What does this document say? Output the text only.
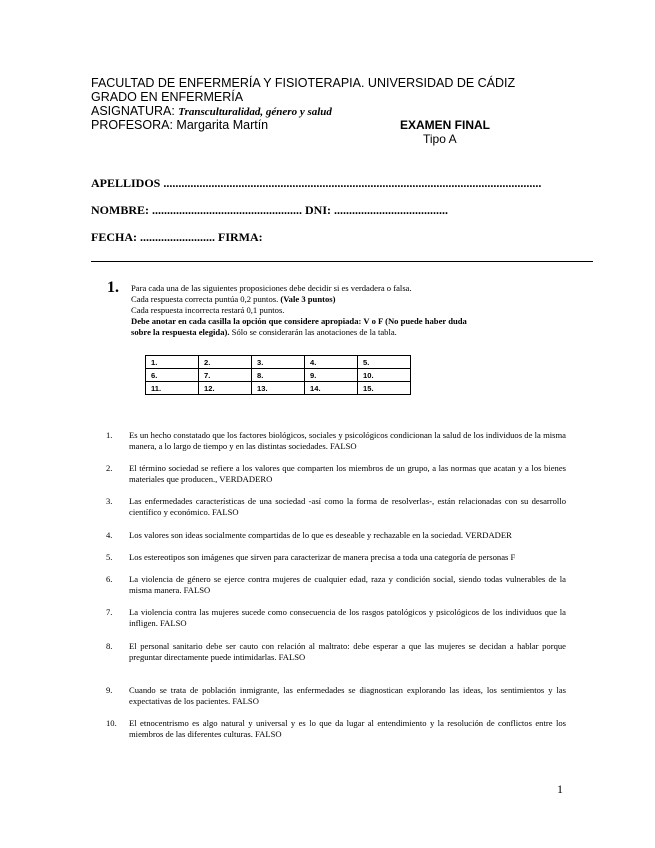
FACULTAD DE ENFERMERÍA Y FISIOTERAPIA. UNIVERSIDAD DE CÁDIZ
GRADO EN ENFERMERÍA
ASIGNATURA: Transculturalidad, género y salud
PROFESORA: Margarita Martín	EXAMEN FINAL
Tipo A
APELLIDOS ..............................................................................................................................
NOMBRE: .................................................. DNI: ......................................
FECHA: ......................... FIRMA:
1. Para cada una de las siguientes proposiciones debe decidir si es verdadera o falsa.
Cada respuesta correcta puntúa 0,2 puntos. (Vale 3 puntos)
Cada respuesta incorrecta restará 0,1 puntos.
Debe anotar en cada casilla la opción que considere apropiada: V o F (No puede haber duda
sobre la respuesta elegida). Sólo se considerarán las anotaciones de la tabla.
1.	2.	3.	4.	5.
6.	7.	8.	9.	10.
11.	12.	13.	14.	15.
1.	Es un hecho constatado que los factores biológicos, sociales y psicológicos condicionan la salud de los individuos de la misma manera, a lo largo de tiempo y en las distintas sociedades. FALSO
2.	El término sociedad se refiere a los valores que comparten los miembros de un grupo, a las normas que acatan y a los bienes materiales que producen., VERDADERO
3.	Las enfermedades características de una sociedad -así como la forma de resolverlas-, están relacionadas con su desarrollo científico y económico. FALSO
4.	Los valores son ideas socialmente compartidas de lo que es deseable y rechazable en la sociedad. VERDADER
5.	Los estereotipos son imágenes que sirven para caracterizar de manera precisa a toda una categoría de personas F
6.	La violencia de género se ejerce contra mujeres de cualquier edad, raza y condición social, siendo todas vulnerables de la misma manera. FALSO
7.	La violencia contra las mujeres sucede como consecuencia de los rasgos patológicos y psicológicos de los individuos que la infligen. FALSO
8.	El personal sanitario debe ser cauto con relación al maltrato: debe esperar a que las mujeres se decidan a hablar porque preguntar directamente puede intimidarlas. FALSO
9.	Cuando se trata de población inmigrante, las enfermedades se diagnostican explorando las ideas, los sentimientos y las expectativas de los pacientes. FALSO
10.	El etnocentrismo es algo natural y universal y es lo que da lugar al entendimiento y la resolución de conflictos entre los miembros de las diferentes culturas. FALSO
1
